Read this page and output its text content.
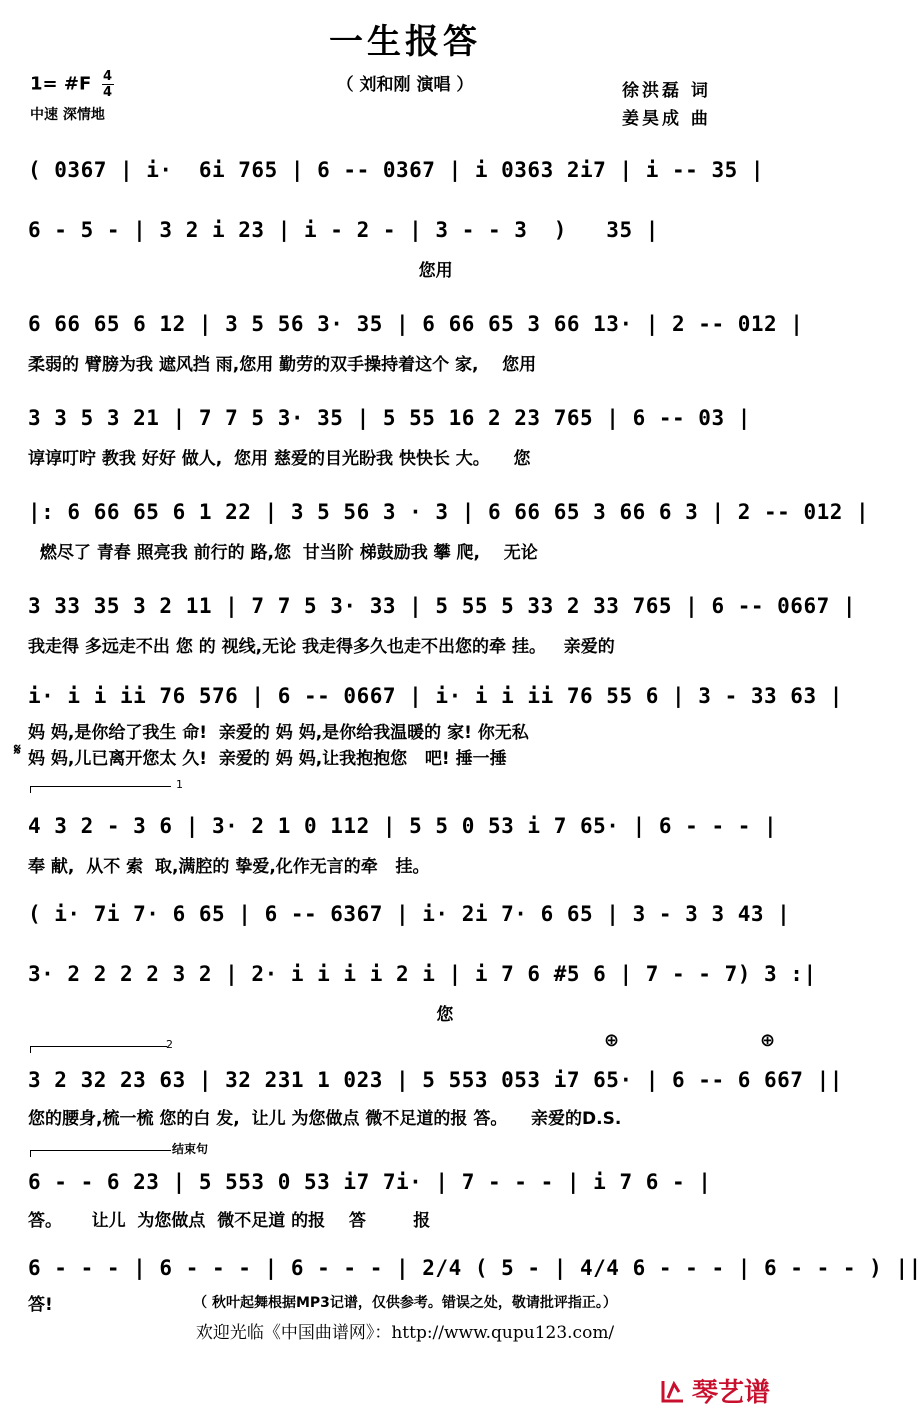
一生报答
（ 刘和刚 演唱 ）
1= #F $\frac{4}{4}$
中速 深情地
徐洪磊 词
姜昊成 曲
( 0367 | i·  6i 765 | 6 -- 0367 | i 0363 2i7 | i -- 35 |
6 - 5 - | 3 2 i 23 | i - 2 - | 3 - - 3  )   35 |
您用
6 66 65 6 12 | 3 5 56 3· 35 | 6 66 65 3 66 13· | 2 -- 012 |
柔弱的 臂膀为我 遮风挡 雨,您用 勤劳的双手操持着这个 家,    您用
3 3 5 3 21 | 7 7 5 3· 35 | 5 55 16 2 23 765 | 6 -- 03 |
谆谆叮咛 教我 好好 做人,  您用 慈爱的目光盼我 快快长 大。    您
|: 6 66 65 6 1 22 | 3 5 56 3 · 3 | 6 66 65 3 66 6 3 | 2 -- 012 |
燃尽了 青春 照亮我 前行的 路,您  甘当阶 梯鼓励我 攀 爬,    无论
3 33 35 3 2 11 | 7 7 5 3· 33 | 5 55 5 33 2 33 765 | 6 -- 0667 |
我走得 多远走不出 您 的 视线,无论 我走得多久也走不出您的牵 挂。   亲爱的
i· i i ii 76 576 | 6 -- 0667 | i· i i ii 76 55 6 | 3 - 33 63 |
妈 妈,是你给了我生 命!  亲爱的 妈 妈,是你给我温暖的 家! 你无私
𝄋 妈 妈,儿已离开您太 久!  亲爱的 妈 妈,让我抱抱您   吧! 捶一捶
1
4 3 2 - 3 6 | 3· 2 1 0 112 | 5 5 0 53 i 7 65· | 6 - - - |
奉 献,  从不 索  取,满腔的 挚爱,化作无言的牵   挂。
( i· 7i 7· 6 65 | 6 -- 6367 | i· 2i 7· 6 65 | 3 - 3 3 43 |
3· 2 2 2 2 3 2 | 2· i i i i 2 i | i 7 6 #5 6 | 7 - - 7) 3 :|
您
2	⊕	⊕
3 2 32 23 63 | 32 231 1 023 | 5 553 053 i7 65· | 6 -- 6 667 ||
您的腰身,梳一梳 您的白 发,  让儿 为您做点 微不足道的报 答。    亲爱的D.S.
结束句
6 - - 6 23 | 5 553 0 53 i7 7i· | 7 - - - | i 7 6 - |
答。     让儿  为您做点  微不足道 的报    答        报
6 - - - | 6 - - - | 6 - - - | 2/4 ( 5 - | 4/4 6 - - - | 6 - - - ) ||
答!	（ 秋叶起舞根据MP3记谱，仅供参考。错误之处，敬请批评指正。）
欢迎光临《中国曲谱网》：http://www.qupu123.com/
琴艺谱
